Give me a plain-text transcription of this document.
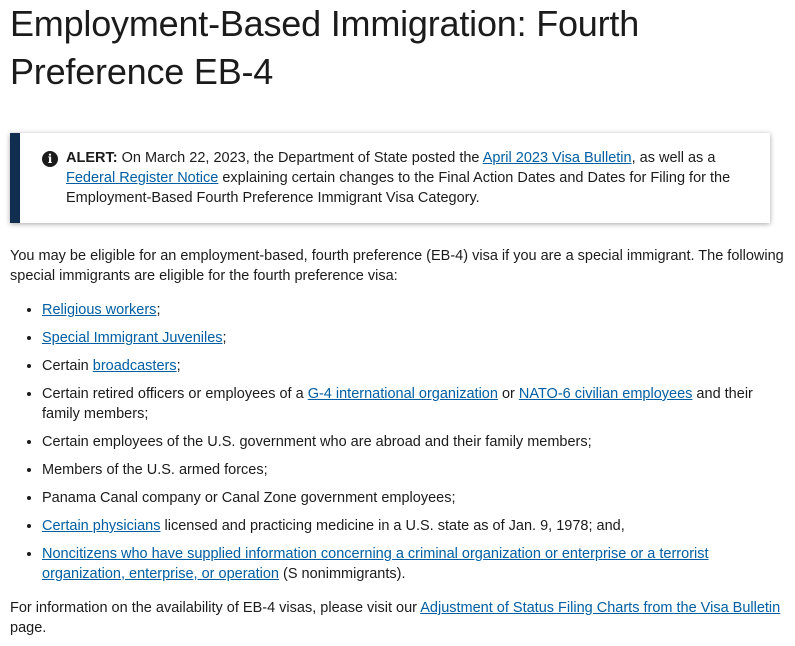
Employment-Based Immigration: Fourth Preference EB-4
i ALERT: On March 22, 2023, the Department of State posted the April 2023 Visa Bulletin, as well as a Federal Register Notice explaining certain changes to the Final Action Dates and Dates for Filing for the Employment-Based Fourth Preference Immigrant Visa Category.

You may be eligible for an employment-based, fourth preference (EB-4) visa if you are a special immigrant. The following special immigrants are eligible for the fourth preference visa:

• Religious workers;
• Special Immigrant Juveniles;
• Certain broadcasters;
• Certain retired officers or employees of a G-4 international organization or NATO-6 civilian employees and their family members;
• Certain employees of the U.S. government who are abroad and their family members;
• Members of the U.S. armed forces;
• Panama Canal company or Canal Zone government employees;
• Certain physicians licensed and practicing medicine in a U.S. state as of Jan. 9, 1978; and,
• Noncitizens who have supplied information concerning a criminal organization or enterprise or a terrorist organization, enterprise, or operation (S nonimmigrants).

For information on the availability of EB-4 visas, please visit our Adjustment of Status Filing Charts from the Visa Bulletin page.
